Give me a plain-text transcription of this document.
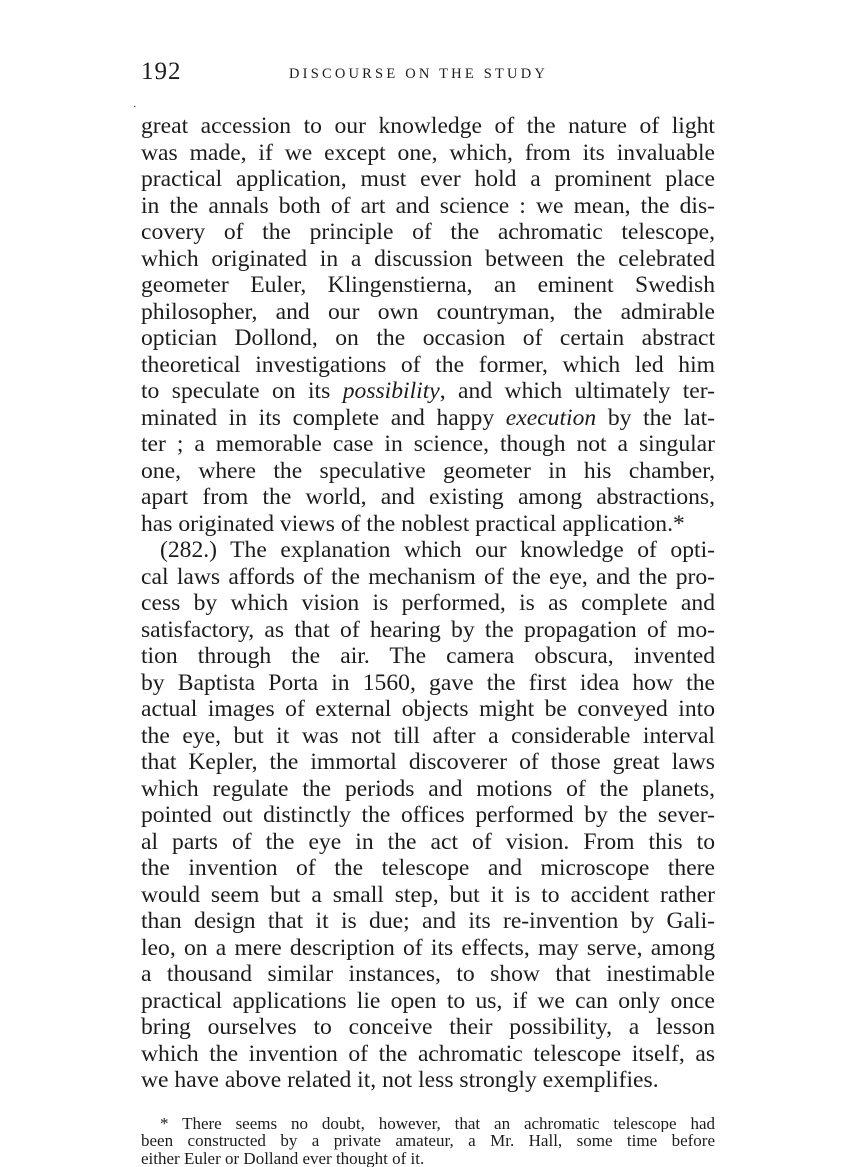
192	DISCOURSE ON THE STUDY
·
great accession to our knowledge of the nature of light
was made, if we except one, which, from its invaluable
practical application, must ever hold a prominent place
in the annals both of art and science : we mean, the dis-
covery of the principle of the achromatic telescope,
which originated in a discussion between the celebrated
geometer Euler, Klingenstierna, an eminent Swedish
philosopher, and our own countryman, the admirable
optician Dollond, on the occasion of certain abstract
theoretical investigations of the former, which led him
to speculate on its possibility, and which ultimately ter-
minated in its complete and happy execution by the lat-
ter ; a memorable case in science, though not a singular
one, where the speculative geometer in his chamber,
apart from the world, and existing among abstractions,
has originated views of the noblest practical application.*
(282.) The explanation which our knowledge of opti-
cal laws affords of the mechanism of the eye, and the pro-
cess by which vision is performed, is as complete and
satisfactory, as that of hearing by the propagation of mo-
tion through the air. The camera obscura, invented
by Baptista Porta in 1560, gave the first idea how the
actual images of external objects might be conveyed into
the eye, but it was not till after a considerable interval
that Kepler, the immortal discoverer of those great laws
which regulate the periods and motions of the planets,
pointed out distinctly the offices performed by the sever-
al parts of the eye in the act of vision. From this to
the invention of the telescope and microscope there
would seem but a small step, but it is to accident rather
than design that it is due; and its re-invention by Gali-
leo, on a mere description of its effects, may serve, among
a thousand similar instances, to show that inestimable
practical applications lie open to us, if we can only once
bring ourselves to conceive their possibility, a lesson
which the invention of the achromatic telescope itself, as
we have above related it, not less strongly exemplifies.
* There seems no doubt, however, that an achromatic telescope had
been constructed by a private amateur, a Mr. Hall, some time before
either Euler or Dolland ever thought of it.
